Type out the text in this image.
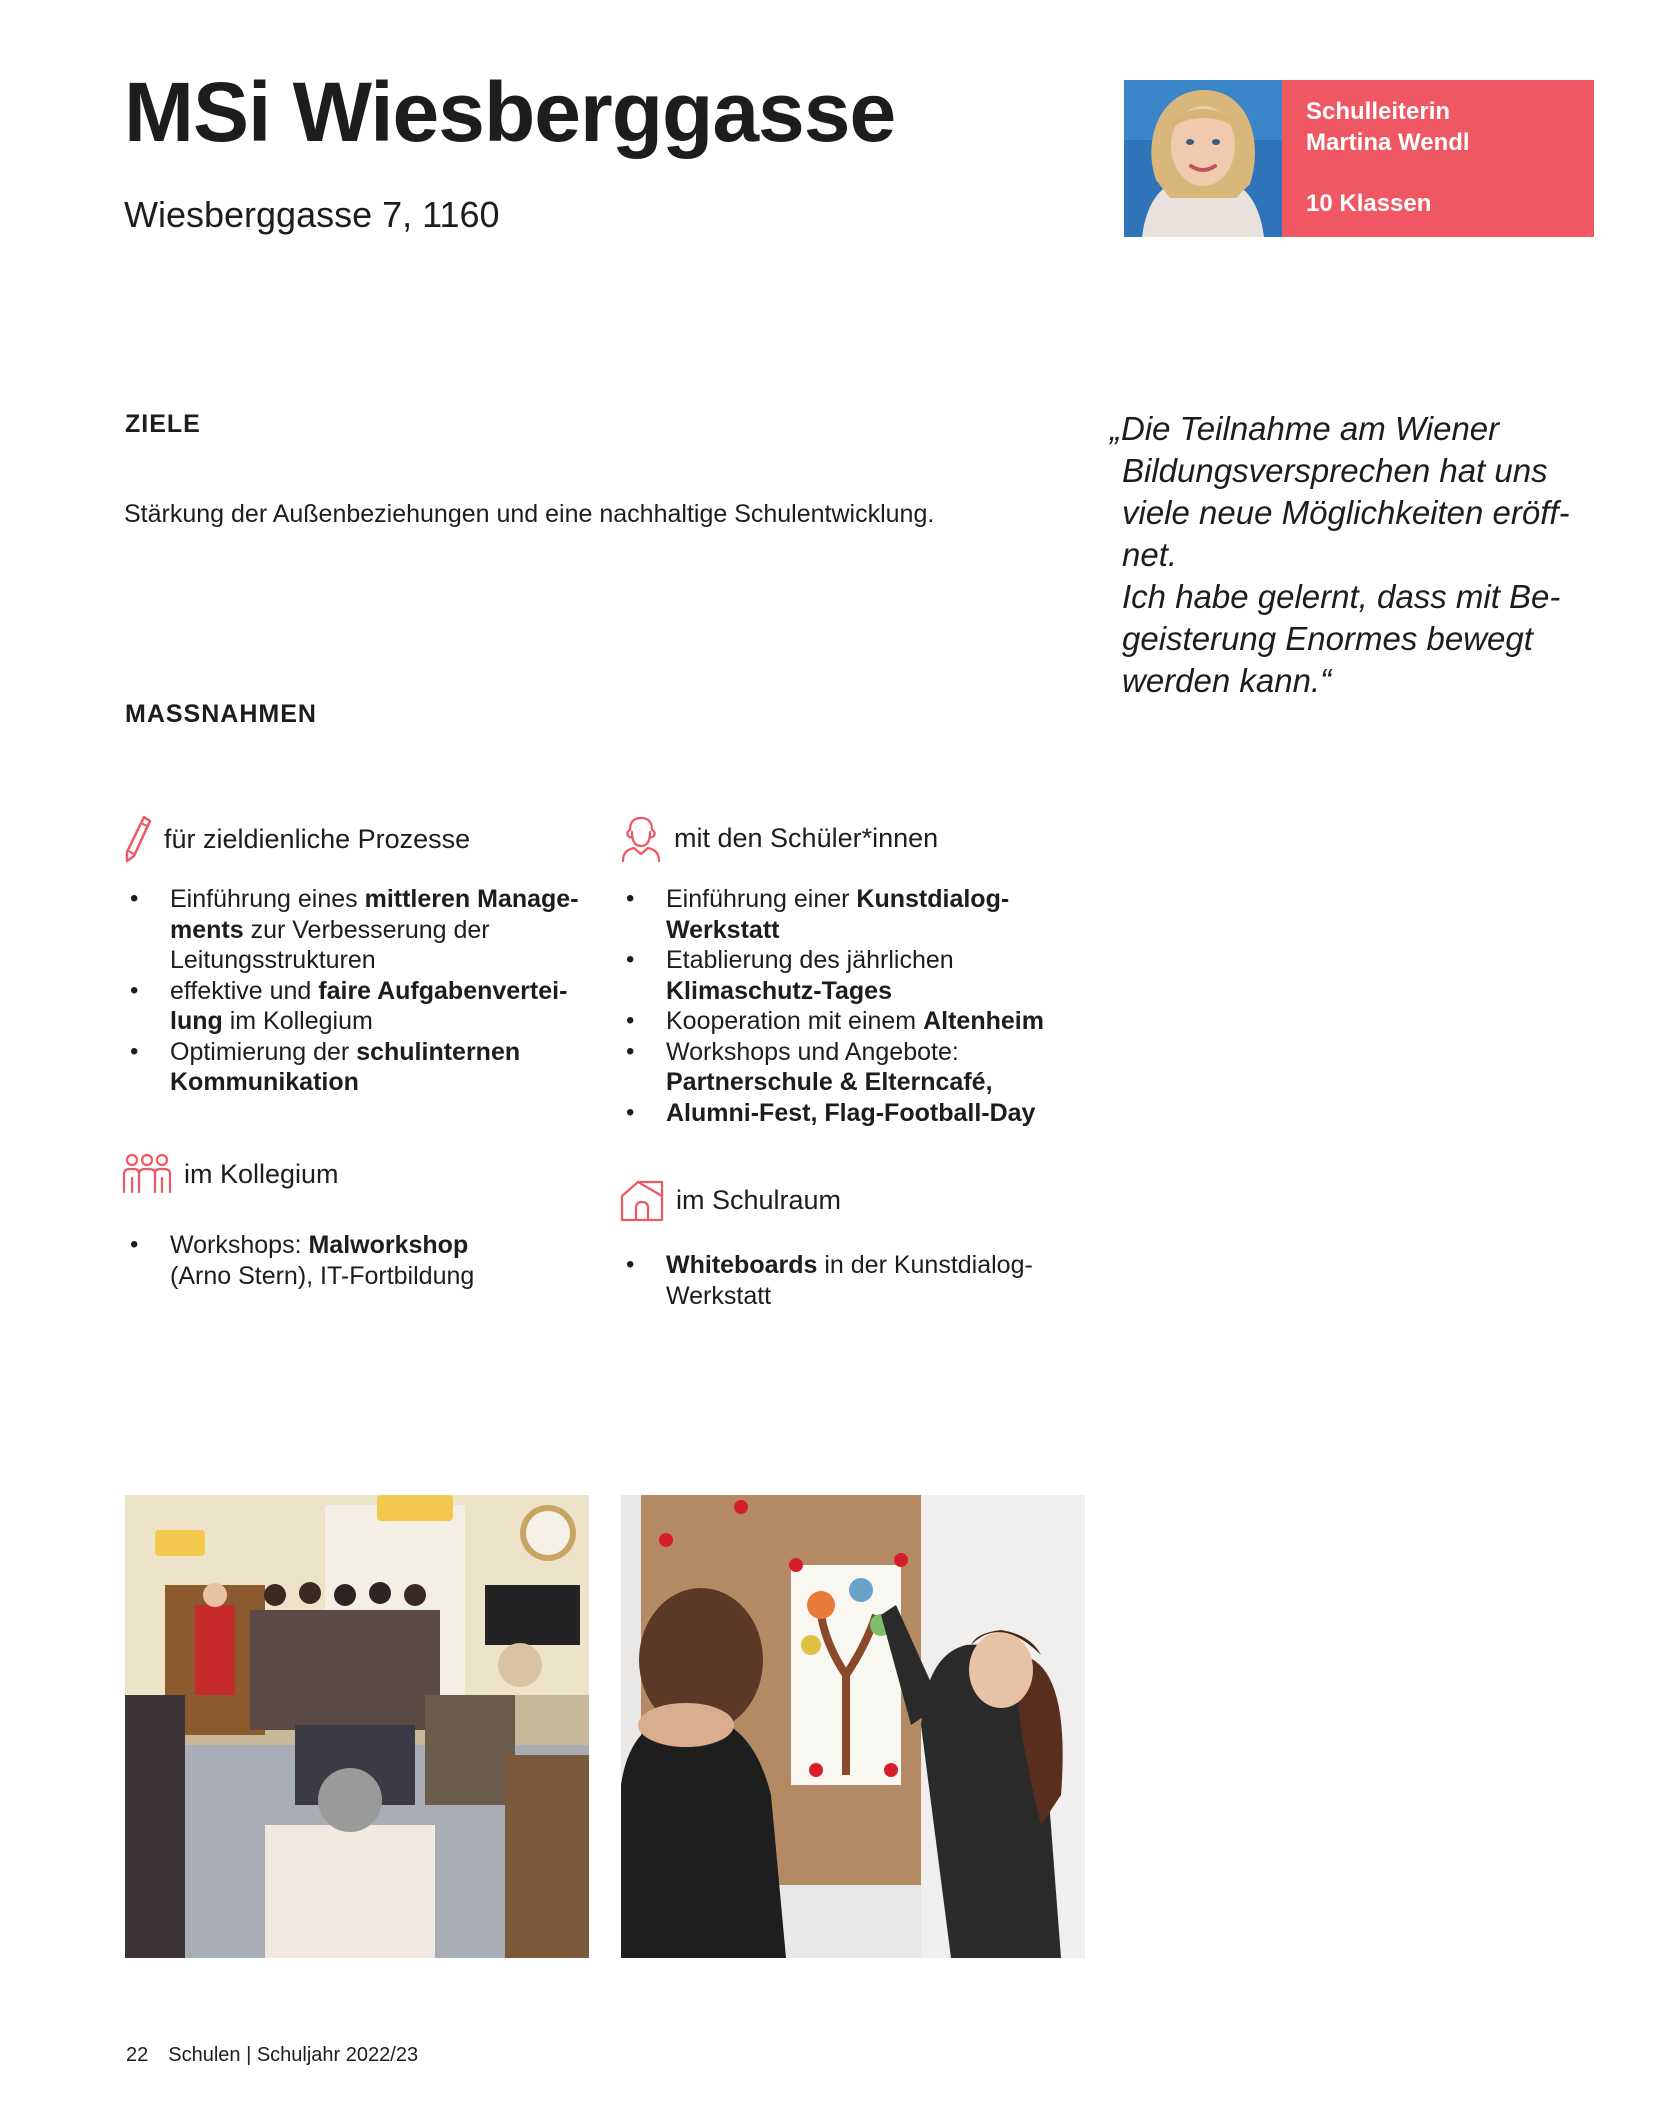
MSi Wiesberggasse
Wiesberggasse 7, 1160
Schulleiterin
Martina Wendl
10 Klassen
ZIELE
Stärkung der Außenbeziehungen und eine nachhaltige Schulentwicklung.
„Die Teilnahme am Wiener
Bildungsversprechen hat uns
viele neue Möglichkeiten eröff-
net.
Ich habe gelernt, dass mit Be-
geisterung Enormes bewegt
werden kann.“
MASSNAHMEN
für zieldienliche Prozesse
• Einführung eines mittleren Manage-
ments zur Verbesserung der
Leitungsstrukturen
• effektive und faire Aufgabenvertei-
lung im Kollegium
• Optimierung der schulinternen
Kommunikation
im Kollegium
• Workshops: Malworkshop
(Arno Stern), IT-Fortbildung
mit den Schüler*innen
• Einführung einer Kunstdialog-
Werkstatt
• Etablierung des jährlichen
Klimaschutz-Tages
• Kooperation mit einem Altenheim
• Workshops und Angebote:
Partnerschule & Elterncafé,
• Alumni-Fest, Flag-Football-Day
im Schulraum
• Whiteboards in der Kunstdialog-
Werkstatt
22 Schulen | Schuljahr 2022/23
